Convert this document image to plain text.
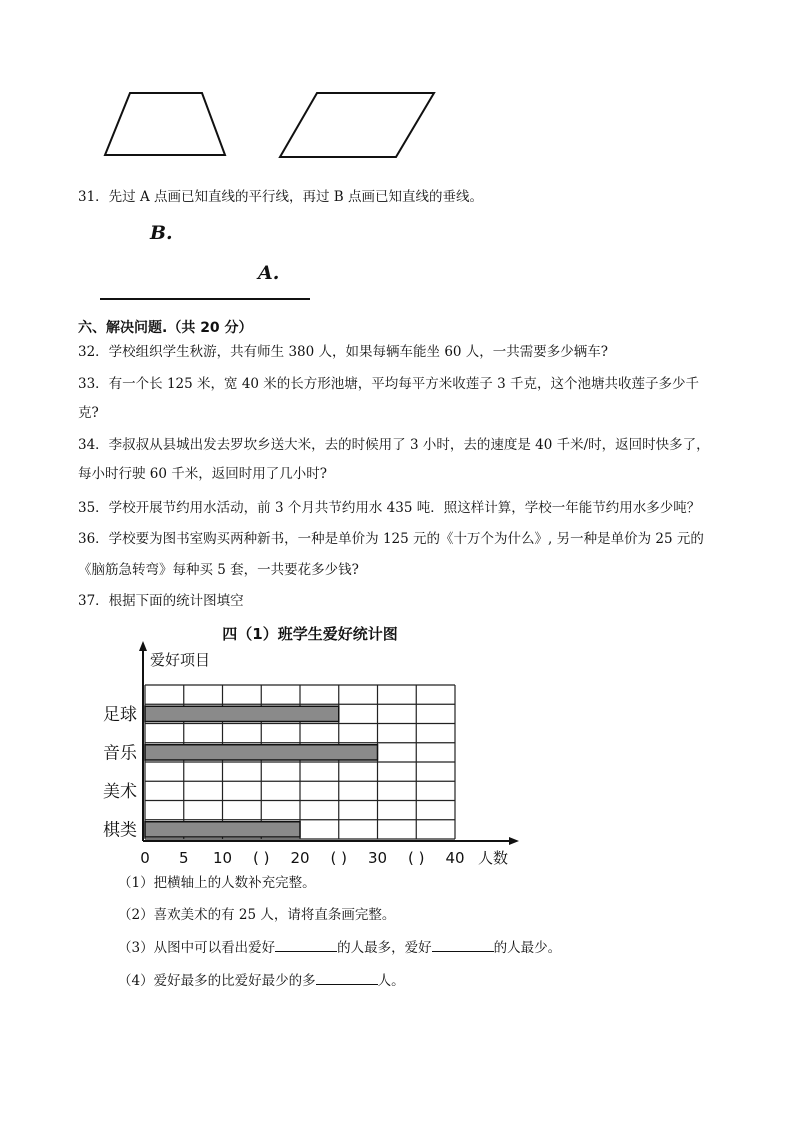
31．先过 A 点画已知直线的平行线，再过 B 点画已知直线的垂线。
B.
A.
六、解决问题.（共 20 分）
32．学校组织学生秋游，共有师生 380 人，如果每辆车能坐 60 人，一共需要多少辆车?
33．有一个长 125 米，宽 40 米的长方形池塘，平均每平方米收莲子 3 千克，这个池塘共收莲子多少千
克?
34．李叔叔从县城出发去罗坎乡送大米，去的时候用了 3 小时，去的速度是 40 千米/时，返回时快多了，
每小时行驶 60 千米，返回时用了几小时?
35．学校开展节约用水活动，前 3 个月共节约用水 435 吨．照这样计算，学校一年能节约用水多少吨？
36．学校要为图书室购买两种新书，一种是单价为 125 元的《十万个为什么》, 另一种是单价为 25 元的
《脑筋急转弯》每种买 5 套，一共要花多少钱?
37．根据下面的统计图填空
四（1）班学生爱好统计图
爱好项目
足球
音乐
美术
棋类
0 5 10 ( ) 20 ( ) 30 ( ) 40 人数
（1）把横轴上的人数补充完整。
（2）喜欢美术的有 25 人，请将直条画完整。
（3）从图中可以看出爱好	的人最多，爱好	的人最少。
（4）爱好最多的比爱好最少的多	人。
